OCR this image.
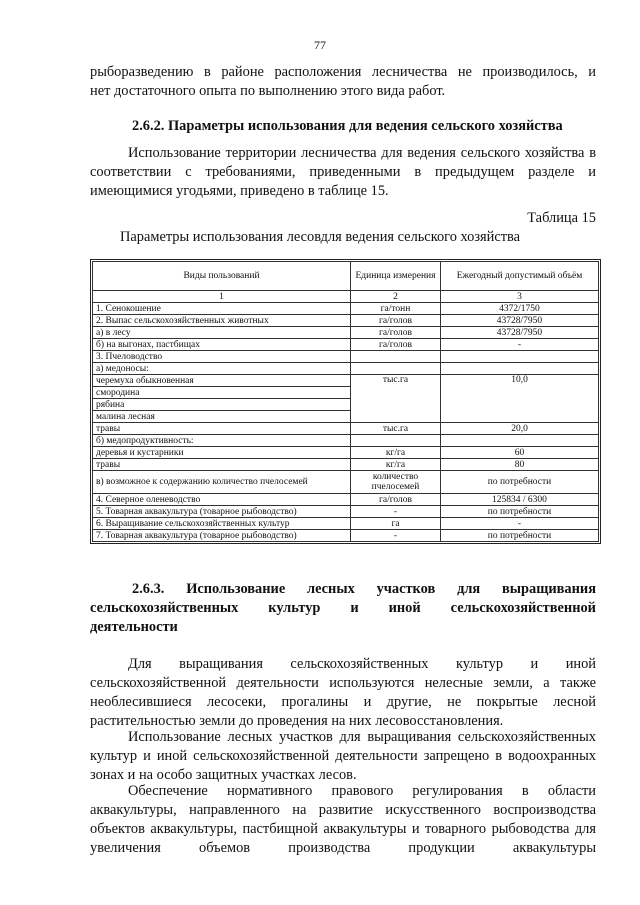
77
рыборазведению в районе расположения лесничества не производилось, и
нет достаточного опыта по выполнению этого вида работ.
2.6.2. Параметры использования для ведения сельского хозяйства
Использование территории лесничества для ведения сельского хозяйства в соответствии с требованиями, приведенными в предыдущем разделе и имеющимися угодьями, приведено в таблице 15.
Таблица 15
Параметры использования лесовдля ведения сельского хозяйства
Виды пользований	Единица измерения	Ежегодный допустимый объём
1	2	3
1. Сенокошение	га/тонн	4372/1750
2. Выпас сельскохозяйственных животных	га/голов	43728/7950
а) в лесу	га/голов	43728/7950
б) на выгонах, пастбищах	га/голов	-
3. Пчеловодство		
а) медоносы:		
черемуха обыкновенная	тыс.га	10,0
смородина		
рябина		
малина лесная		
травы	тыс.га	20,0
б) медопродуктивность:		
деревья и кустарники	кг/га	60
травы	кг/га	80
в) возможное к содержанию количество пчелосемей	количество пчелосемей	по потребности
4. Северное оленеводство	га/голов	125834 / 6300
5. Товарная аквакультура (товарное рыбоводство)	-	по потребности
6. Выращивание сельскохозяйственных культур	га	-
7. Товарная аквакультура (товарное рыбоводство)	-	по потребности
2.6.3. Использование лесных участков для выращивания
сельскохозяйственных культур и иной сельскохозяйственной
деятельности
Для выращивания сельскохозяйственных культур и иной сельскохозяйственной деятельности используются нелесные земли, а также необлесившиеся лесосеки, прогалины и другие, не покрытые лесной растительностью земли до проведения на них лесовосстановления.
Использование лесных участков для выращивания сельскохозяйственных культур и иной сельскохозяйственной деятельности запрещено в водоохранных зонах и на особо защитных участках лесов.
Обеспечение нормативного правового регулирования в области аквакультуры, направленного на развитие искусственного воспроизводства объектов аквакультуры, пастбищной аквакультуры и товарного рыбоводства для увеличения объемов производства продукции аквакультуры
